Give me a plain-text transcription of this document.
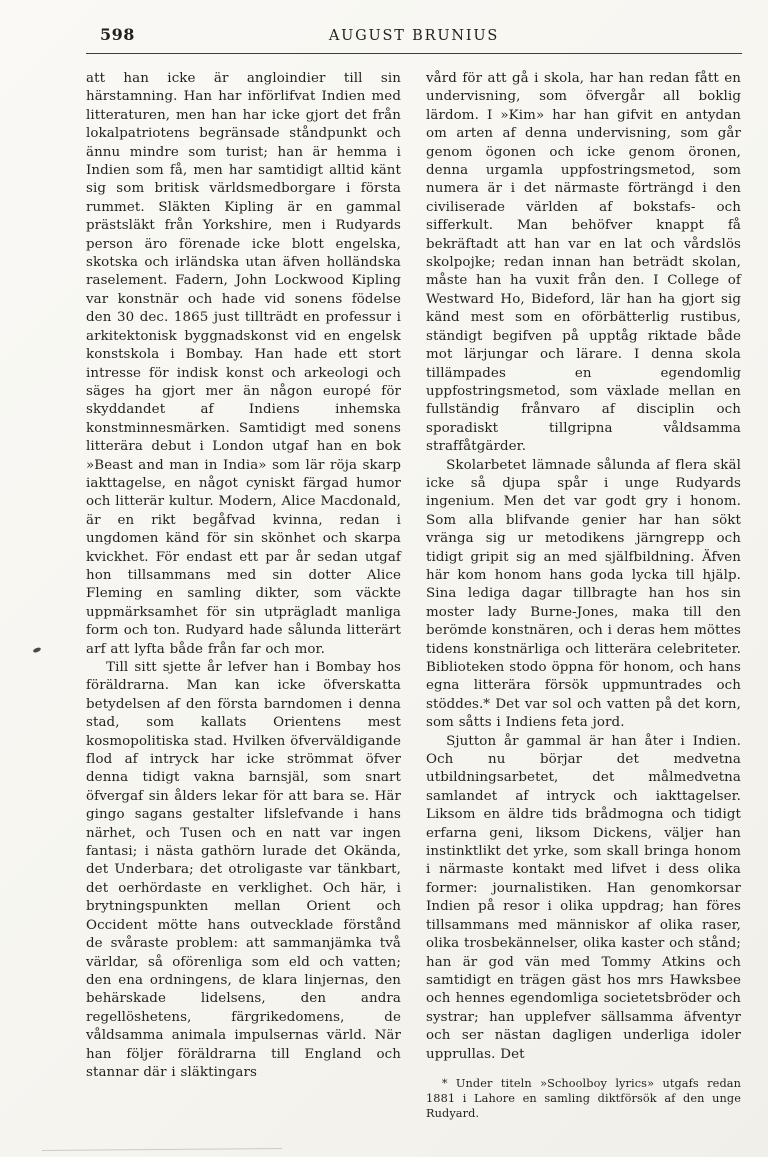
598	AUGUST BRUNIUS

att han icke är angloindier till sin härstamning. Han har införlifvat Indien med litteraturen, men han har icke gjort det från lokalpatriotens begränsade ståndpunkt och ännu mindre som turist; han är hemma i Indien som få, men har samtidigt alltid känt sig som britisk världsmedborgare i första rummet. Släkten Kipling är en gammal prästsläkt från Yorkshire, men i Rudyards person äro förenade icke blott engelska, skotska och irländska utan äfven holländska raselement. Fadern, John Lockwood Kipling var konstnär och hade vid sonens födelse den 30 dec. 1865 just tillträdt en professur i arkitektonisk byggnadskonst vid en engelsk konstskola i Bombay. Han hade ett stort intresse för indisk konst och arkeologi och säges ha gjort mer än någon europé för skyddandet af Indiens inhemska konstminnesmärken. Samtidigt med sonens litterära debut i London utgaf han en bok »Beast and man in India» som lär röja skarp iakttagelse, en något cyniskt färgad humor och litterär kultur. Modern, Alice Macdonald, är en rikt begåfvad kvinna, redan i ungdomen känd för sin skönhet och skarpa kvickhet. För endast ett par år sedan utgaf hon tillsammans med sin dotter Alice Fleming en samling dikter, som väckte uppmärksamhet för sin utprägladt manliga form och ton. Rudyard hade sålunda litterärt arf att lyfta både från far och mor.

Till sitt sjette år lefver han i Bombay hos föräldrarna. Man kan icke öfverskatta betydelsen af den första barndomen i denna stad, som kallats Orientens mest kosmopolitiska stad. Hvilken öfverväldigande flod af intryck har icke strömmat öfver denna tidigt vakna barnsjäl, som snart öfvergaf sin ålders lekar för att bara se. Här gingo sagans gestalter lifslefvande i hans närhet, och Tusen och en natt var ingen fantasi; i nästa gathörn lurade det Okända, det Underbara; det otroligaste var tänkbart, det oerhördaste en verklighet. Och här, i brytningspunkten mellan Orient och Occident mötte hans outvecklade förstånd de svåraste problem: att sammanjämka två världar, så oförenliga som eld och vatten; den ena ordningens, de klara linjernas, den behärskade lidelsens, den andra regellöshetens, färgrikedomens, de våldsamma animala impulsernas värld. När han följer föräldrarna till England och stannar där i släktingars

vård för att gå i skola, har han redan fått en undervisning, som öfvergår all boklig lärdom. I »Kim» har han gifvit en antydan om arten af denna undervisning, som går genom ögonen och icke genom öronen, denna urgamla uppfostringsmetod, som numera är i det närmaste förträngd i den civiliserade världen af bokstafs- och sifferkult. Man behöfver knappt få bekräftadt att han var en lat och vårdslös skolpojke; redan innan han beträdt skolan, måste han ha vuxit från den. I College of Westward Ho, Bideford, lär han ha gjort sig känd mest som en oförbätterlig rustibus, ständigt begifven på upptåg riktade både mot lärjungar och lärare. I denna skola tillämpades en egendomlig uppfostringsmetod, som växlade mellan en fullständig frånvaro af disciplin och sporadiskt tillgripna våldsamma straffåtgärder.

Skolarbetet lämnade sålunda af flera skäl icke så djupa spår i unge Rudyards ingenium. Men det var godt gry i honom. Som alla blifvande genier har han sökt vränga sig ur metodikens järngrepp och tidigt gripit sig an med själfbildning. Äfven här kom honom hans goda lycka till hjälp. Sina lediga dagar tillbragte han hos sin moster lady Burne-Jones, maka till den berömde konstnären, och i deras hem möttes tidens konstnärliga och litterära celebriteter. Biblioteken stodo öppna för honom, och hans egna litterära försök uppmuntrades och stöddes.* Det var sol och vatten på det korn, som såtts i Indiens feta jord.

Sjutton år gammal är han åter i Indien. Och nu börjar det medvetna utbildningsarbetet, det målmedvetna samlandet af intryck och iakttagelser. Liksom en äldre tids brådmogna och tidigt erfarna geni, liksom Dickens, väljer han instinktlikt det yrke, som skall bringa honom i närmaste kontakt med lifvet i dess olika former: journalistiken. Han genomkorsar Indien på resor i olika uppdrag; han föres tillsammans med människor af olika raser, olika trosbekännelser, olika kaster och stånd; han är god vän med Tommy Atkins och samtidigt en trägen gäst hos mrs Hawksbee och hennes egendomliga societetsbröder och systrar; han upplefver sällsamma äfventyr och ser nästan dagligen underliga idoler upprullas. Det

* Under titeln »Schoolboy lyrics» utgafs redan 1881 i Lahore en samling diktförsök af den unge Rudyard.
